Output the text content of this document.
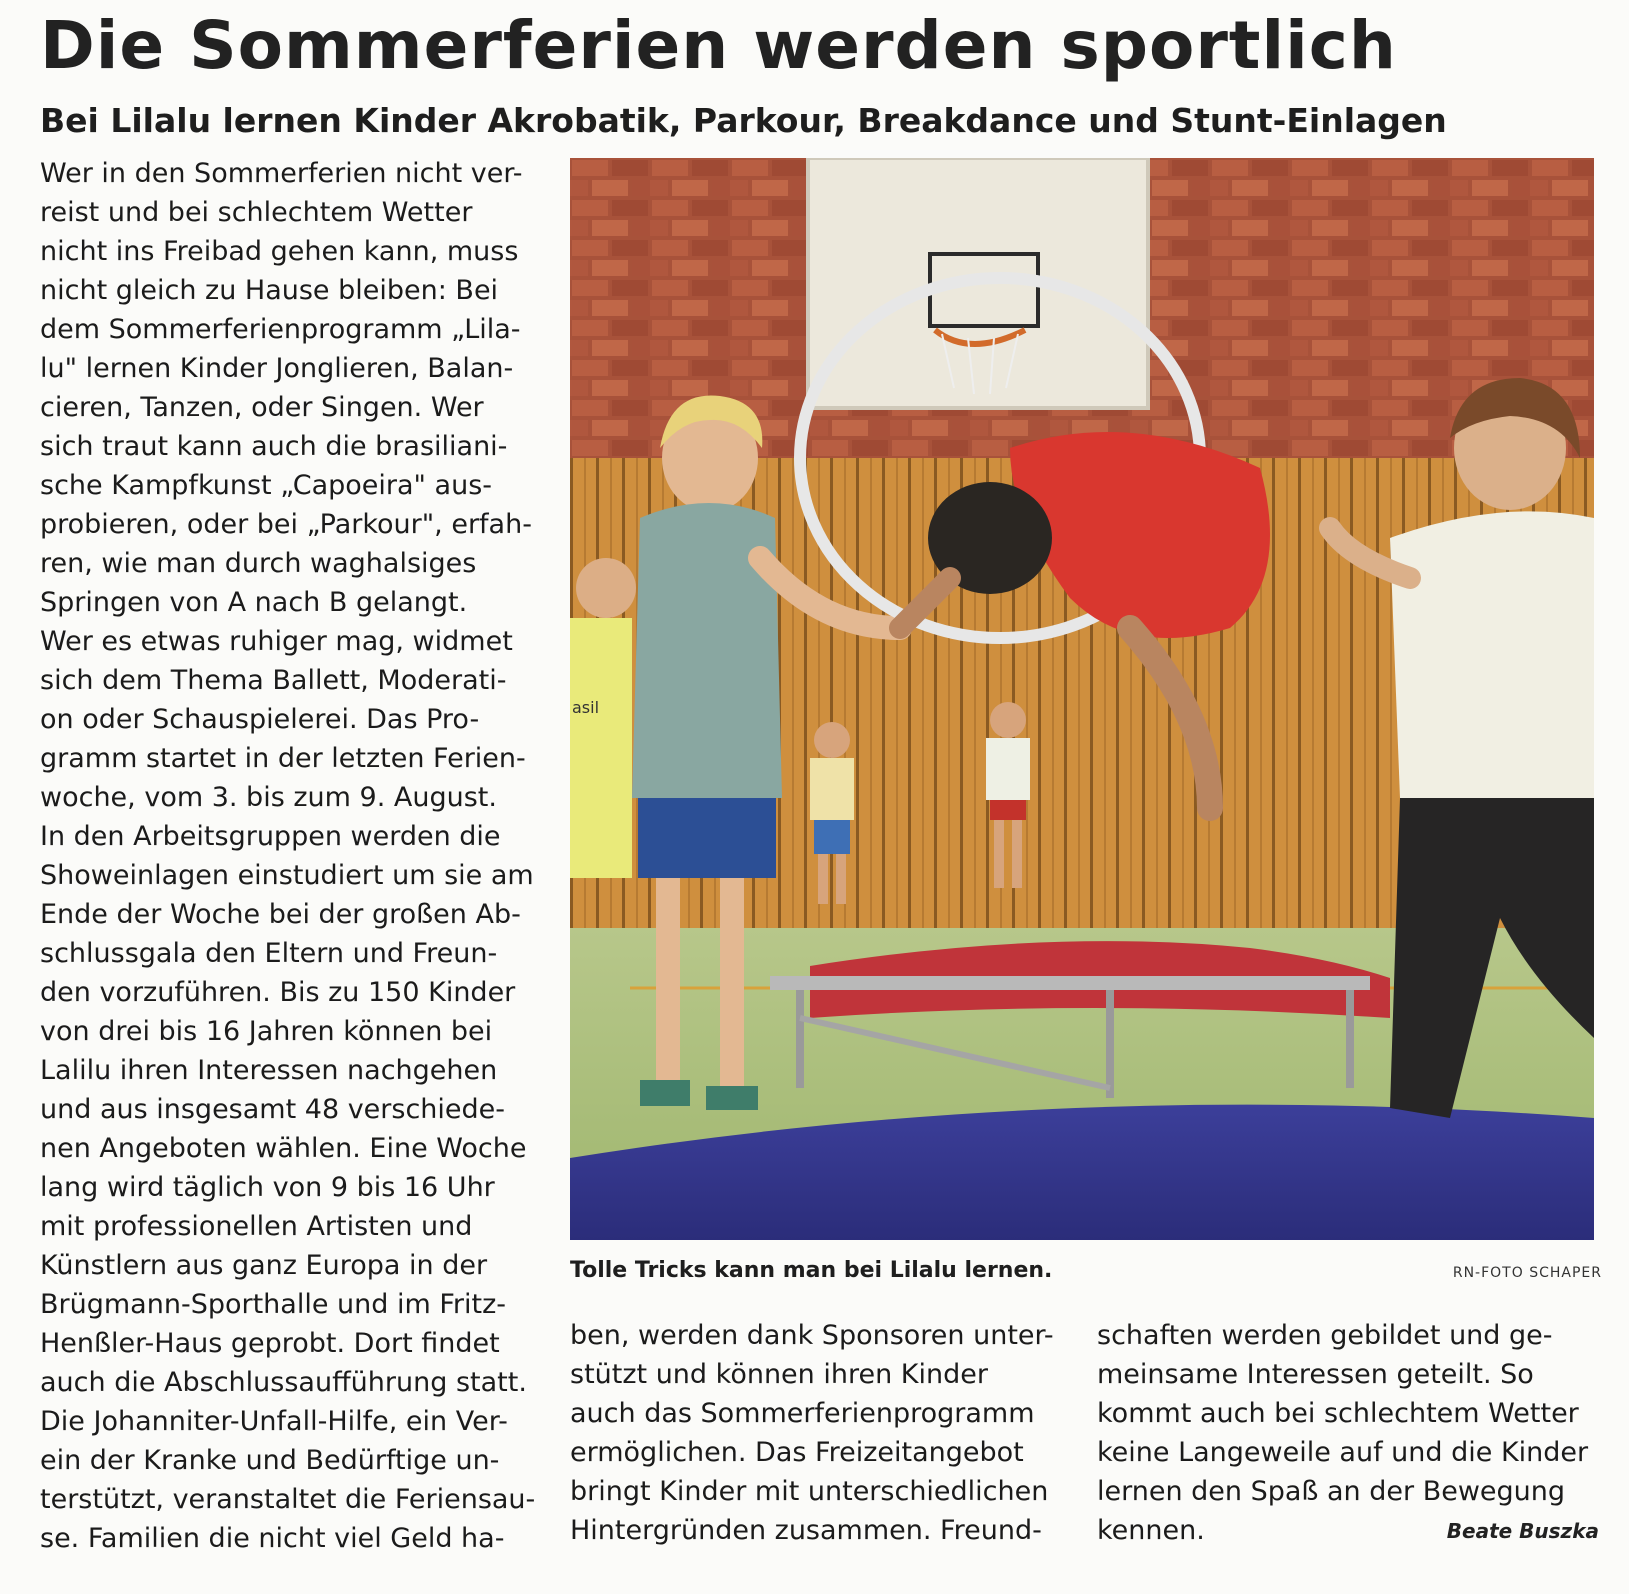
Die Sommerferien werden sportlich
Bei Lilalu lernen Kinder Akrobatik, Parkour, Breakdance und Stunt-Einlagen
Wer in den Sommerferien nicht ver-
reist und bei schlechtem Wetter
nicht ins Freibad gehen kann, muss
nicht gleich zu Hause bleiben: Bei
dem Sommerferienprogramm „Lila-
lu" lernen Kinder Jonglieren, Balan-
cieren, Tanzen, oder Singen. Wer
sich traut kann auch die brasiliani-
sche Kampfkunst „Capoeira" aus-
probieren, oder bei „Parkour", erfah-
ren, wie man durch waghalsiges
Springen von A nach B gelangt.
Wer es etwas ruhiger mag, widmet
sich dem Thema Ballett, Moderati-
on oder Schauspielerei. Das Pro-
gramm startet in der letzten Ferien-
woche, vom 3. bis zum 9. August.
In den Arbeitsgruppen werden die
Showeinlagen einstudiert um sie am
Ende der Woche bei der großen Ab-
schlussgala den Eltern und Freun-
den vorzuführen. Bis zu 150 Kinder
von drei bis 16 Jahren können bei
Lalilu ihren Interessen nachgehen
und aus insgesamt 48 verschiede-
nen Angeboten wählen. Eine Woche
lang wird täglich von 9 bis 16 Uhr
mit professionellen Artisten und
Künstlern aus ganz Europa in der
Brügmann-Sporthalle und im Fritz-
Henßler-Haus geprobt. Dort findet
auch die Abschlussaufführung statt.
Die Johanniter-Unfall-Hilfe, ein Ver-
ein der Kranke und Bedürftige un-
terstützt, veranstaltet die Feriensau-
se. Familien die nicht viel Geld ha-
asil
Tolle Tricks kann man bei Lilalu lernen.	RN-FOTO SCHAPER
ben, werden dank Sponsoren unter-
stützt und können ihren Kinder
auch das Sommerferienprogramm
ermöglichen. Das Freizeitangebot
bringt Kinder mit unterschiedlichen
Hintergründen zusammen. Freund-
schaften werden gebildet und ge-
meinsame Interessen geteilt. So
kommt auch bei schlechtem Wetter
keine Langeweile auf und die Kinder
lernen den Spaß an der Bewegung
kennen.	Beate Buszka
